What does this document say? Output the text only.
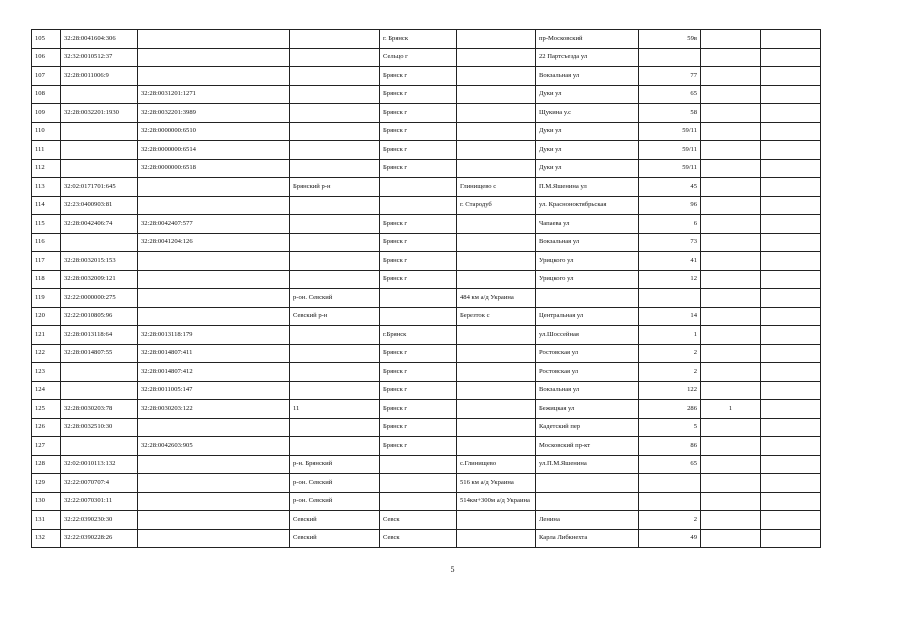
105	32:28:0041604:306			г. Брянск		пр-Московский	59в		
106	32:32:0010512:37			Сельцо г		22 Партсъезда ул			
107	32:28:0011006:9			Брянск г		Вокзальная ул	77		
108		32:28:0031201:1271		Брянск г		Дуки ул	65		
109	32:28:0032201:1930	32:28:0032201:3989		Брянск г		Щукина у.с	58		
110		32:28:0000000:6510		Брянск г		Дуки ул	59/11		
111		32:28:0000000:6514		Брянск г		Дуки ул	59/11		
112		32:28:0000000:6518		Брянск г		Дуки ул	59/11		
113	32:02:0171701:645		Брянский р-н		Глинищево с	П.М.Яшенина ул	45		
114	32:23:0400903:81				г. Стародуб	ул. Красноноктябрьская	96		
115	32:28:0042406:74	32:28:0042407:577		Брянск г		Чапаева ул	6		
116		32:28:0041204:126		Брянск г		Вокзальная ул	73		
117	32:28:0032015:153			Брянск г		Урицкого ул	41		
118	32:28:0032009:121			Брянск г		Урицкого ул	12		
119	32:22:0000000:275		р-он. Севский		484 км а/д Украина				
120	32:22:0010805:96		Севский р-н		Березток с	Центральная ул	14		
121	32:28:0013118:64	32:28:0013118:179		г.Брянск		ул.Шоссейная	1		
122	32:28:0014807:55	32:28:0014807:411		Брянск г		Ростовская ул	2		
123		32:28:0014807:412		Брянск г		Ростовская ул	2		
124		32:28:0011005:147		Брянск г		Вокзальная ул	122		
125	32:28:0030203:78	32:28:0030203:122	11	Брянск г		Бежицкая ул	286	1	
126	32:28:0032510:30			Брянск г		Кадетский пер	5		
127		32:28:0042603:905		Брянск г		Московский пр-кт	86		
128	32:02:0010113:132		р-н. Брянский		с.Глинищево	ул.П.М.Яшенина	65		
129	32:22:0070707:4		р-он. Севский		516 км а/д Украина				
130	32:22:0070301:11		р-он. Севский		514км+300м а/д Украина				
131	32:22:0390230:30		Севский	Севск		Ленина	2		
132	32:22:0390228:26		Севский	Севск		Карла Либкнехта	49		
5
